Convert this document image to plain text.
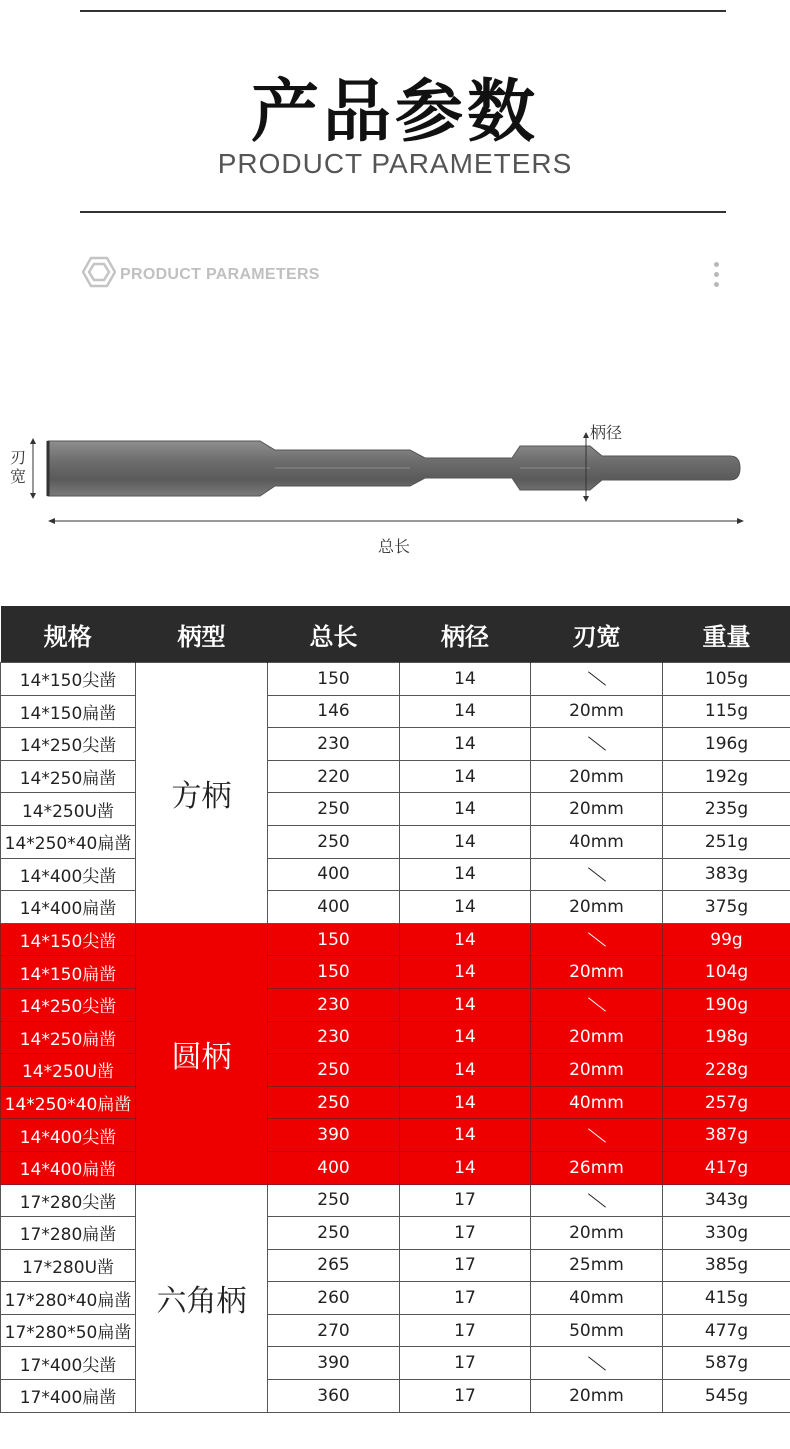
产品参数
PRODUCT PARAMETERS
PRODUCT PARAMETERS
刃宽
柄径
总长
规格	柄型	总长	柄径	刃宽	重量
14*150尖凿	方柄	150	14		105g
14*150扁凿		146	14	20mm	115g
14*250尖凿		230	14		196g
14*250扁凿		220	14	20mm	192g
14*250U凿		250	14	20mm	235g
14*250*40扁凿		250	14	40mm	251g
14*400尖凿		400	14		383g
14*400扁凿		400	14	20mm	375g
14*150尖凿	圆柄	150	14		99g
14*150扁凿		150	14	20mm	104g
14*250尖凿		230	14		190g
14*250扁凿		230	14	20mm	198g
14*250U凿		250	14	20mm	228g
14*250*40扁凿		250	14	40mm	257g
14*400尖凿		390	14		387g
14*400扁凿		400	14	26mm	417g
17*280尖凿	六角柄	250	17		343g
17*280扁凿		250	17	20mm	330g
17*280U凿		265	17	25mm	385g
17*280*40扁凿		260	17	40mm	415g
17*280*50扁凿		270	17	50mm	477g
17*400尖凿		390	17		587g
17*400扁凿		360	17	20mm	545g
